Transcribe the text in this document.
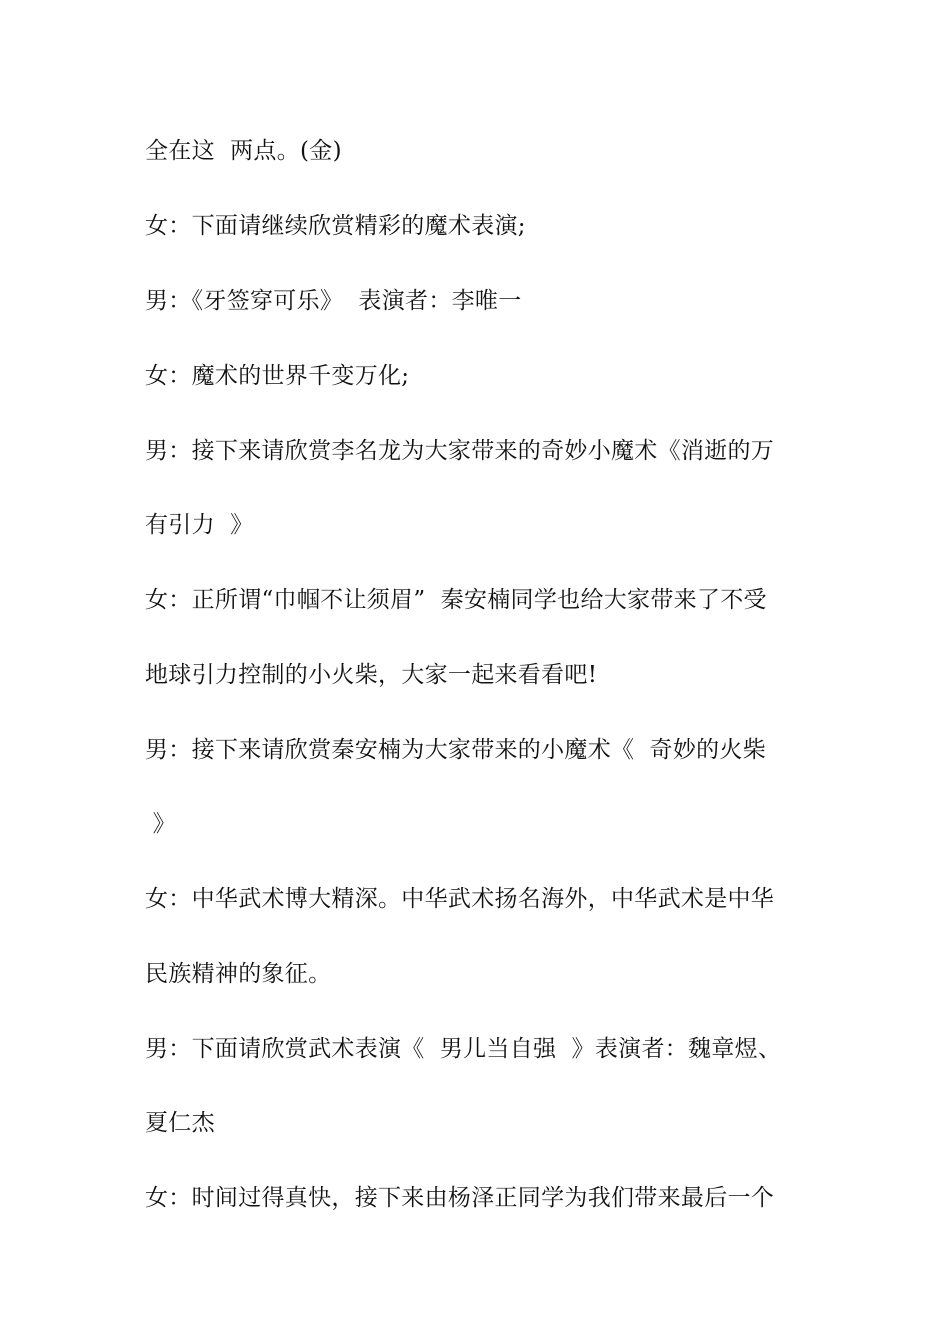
全在这  两点。(金)
女：下面请继续欣赏精彩的魔术表演;
男：《牙签穿可乐》  表演者：李唯一
女：魔术的世界千变万化;
男：接下来请欣赏李名龙为大家带来的奇妙小魔术《消逝的万
有引力  》
女：正所谓“巾帼不让须眉”  秦安楠同学也给大家带来了不受
地球引力控制的小火柴，大家一起来看看吧!
男：接下来请欣赏秦安楠为大家带来的小魔术《  奇妙的火柴
》
女：中华武术博大精深。中华武术扬名海外，中华武术是中华
民族精神的象征。
男：下面请欣赏武术表演《  男儿当自强  》表演者：魏章煜、
夏仁杰
女：时间过得真快，接下来由杨泽正同学为我们带来最后一个
